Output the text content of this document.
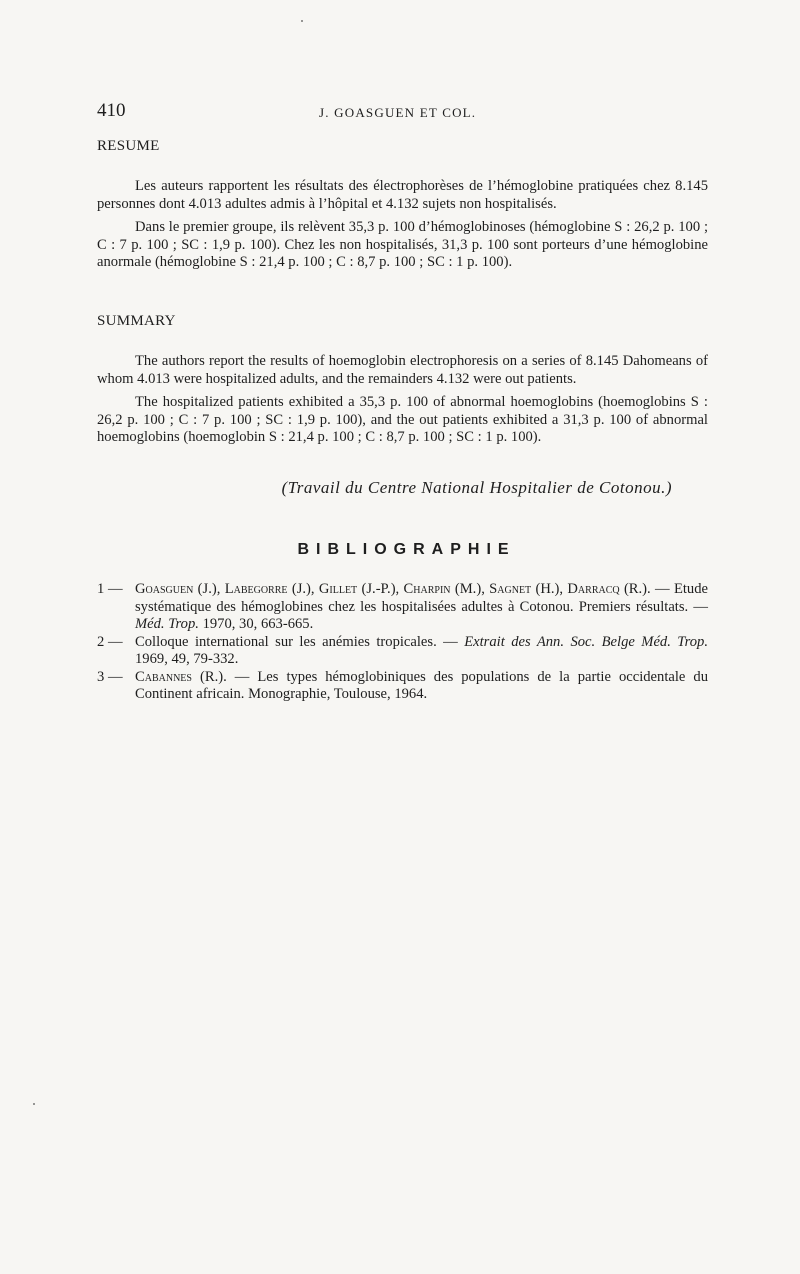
410	J. GOASGUEN ET COL.
RESUME

Les auteurs rapportent les résultats des électrophorèses de l’hémoglobine pratiquées chez 8.145 personnes dont 4.013 adultes admis à l’hôpital et 4.132 sujets non hospitalisés.

Dans le premier groupe, ils relèvent 35,3 p. 100 d’hémoglobinoses (hémoglobine S : 26,2 p. 100 ; C : 7 p. 100 ; SC : 1,9 p. 100). Chez les non hospitalisés, 31,3 p. 100 sont porteurs d’une hémoglobine anormale (hémoglobine S : 21,4 p. 100 ; C : 8,7 p. 100 ; SC : 1 p. 100).

SUMMARY

The authors report the results of hoemoglobin electrophoresis on a series of 8.145 Dahomeans of whom 4.013 were hospitalized adults, and the remainders 4.132 were out patients.

The hospitalized patients exhibited a 35,3 p. 100 of abnormal hoemoglobins (hoemoglobins S : 26,2 p. 100 ; C : 7 p. 100 ; SC : 1,9 p. 100), and the out patients exhibited a 31,3 p. 100 of abnormal hoemoglobins (hoemoglobin S : 21,4 p. 100 ; C : 8,7 p. 100 ; SC : 1 p. 100).

(Travail du Centre National Hospitalier de Cotonou.)
BIBLIOGRAPHIE

1 — Goasguen (J.), Labegorre (J.), Gillet (J.-P.), Charpin (M.), Sagnet (H.), Darracq (R.). — Etude systématique des hémoglobines chez les hospitalisées adultes à Cotonou. Premiers résultats. — Méd. Trop. 1970, 30, 663-665.

2 — Colloque international sur les anémies tropicales. — Extrait des Ann. Soc. Belge Méd. Trop. 1969, 49, 79-332.

3 — Cabannes (R.). — Les types hémoglobiniques des populations de la partie occidentale du Continent africain. Monographie, Toulouse, 1964.
